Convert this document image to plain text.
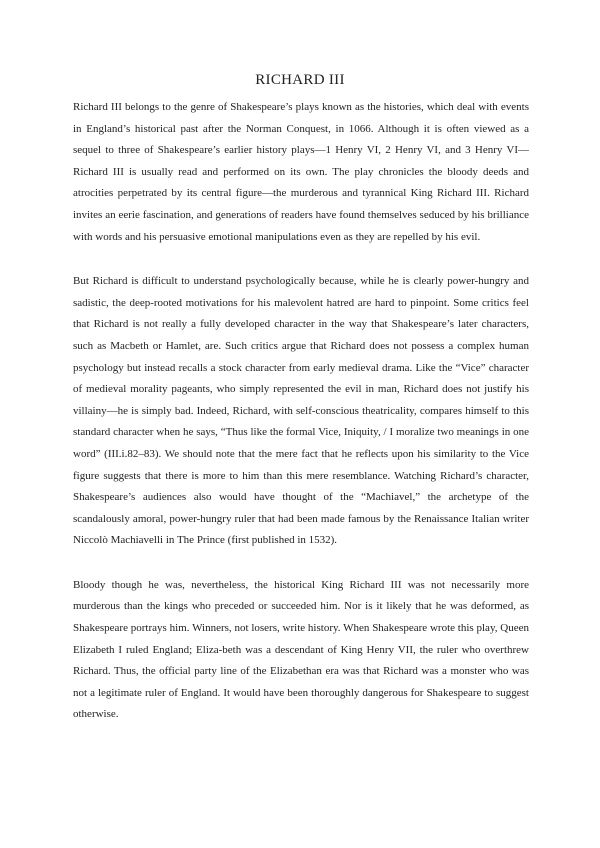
RICHARD III

Richard III belongs to the genre of Shakespeare’s plays known as the histories, which deal with events in England’s historical past after the Norman Conquest, in 1066. Although it is often viewed as a sequel to three of Shakespeare’s earlier history plays—1 Henry VI, 2 Henry VI, and 3 Henry VI—Richard III is usually read and performed on its own. The play chronicles the bloody deeds and atrocities perpetrated by its central figure—the murderous and tyrannical King Richard III. Richard invites an eerie fascination, and generations of readers have found themselves seduced by his brilliance with words and his persuasive emotional manipulations even as they are repelled by his evil.

But Richard is difficult to understand psychologically because, while he is clearly power-hungry and sadistic, the deep-rooted motivations for his malevolent hatred are hard to pinpoint. Some critics feel that Richard is not really a fully developed character in the way that Shakespeare’s later characters, such as Macbeth or Hamlet, are. Such critics argue that Richard does not possess a complex human psychology but instead recalls a stock character from early medieval drama. Like the “Vice” character of medieval morality pageants, who simply represented the evil in man, Richard does not justify his villainy—he is simply bad. Indeed, Richard, with self-conscious theatricality, compares himself to this standard character when he says, “Thus like the formal Vice, Iniquity, / I moralize two meanings in one word” (III.i.82–83). We should note that the mere fact that he reflects upon his similarity to the Vice figure suggests that there is more to him than this mere resemblance. Watching Richard’s character, Shakespeare’s audiences also would have thought of the “Machiavel,” the archetype of the scandalously amoral, power-hungry ruler that had been made famous by the Renaissance Italian writer Niccolò Machiavelli in The Prince (first published in 1532).

Bloody though he was, nevertheless, the historical King Richard III was not necessarily more murderous than the kings who preceded or succeeded him. Nor is it likely that he was deformed, as Shakespeare portrays him. Winners, not losers, write history. When Shakespeare wrote this play, Queen Elizabeth I ruled England; Eliza-beth was a descendant of King Henry VII, the ruler who overthrew Richard. Thus, the official party line of the Elizabethan era was that Richard was a monster who was not a legitimate ruler of England. It would have been thoroughly dangerous for Shakespeare to suggest otherwise.
